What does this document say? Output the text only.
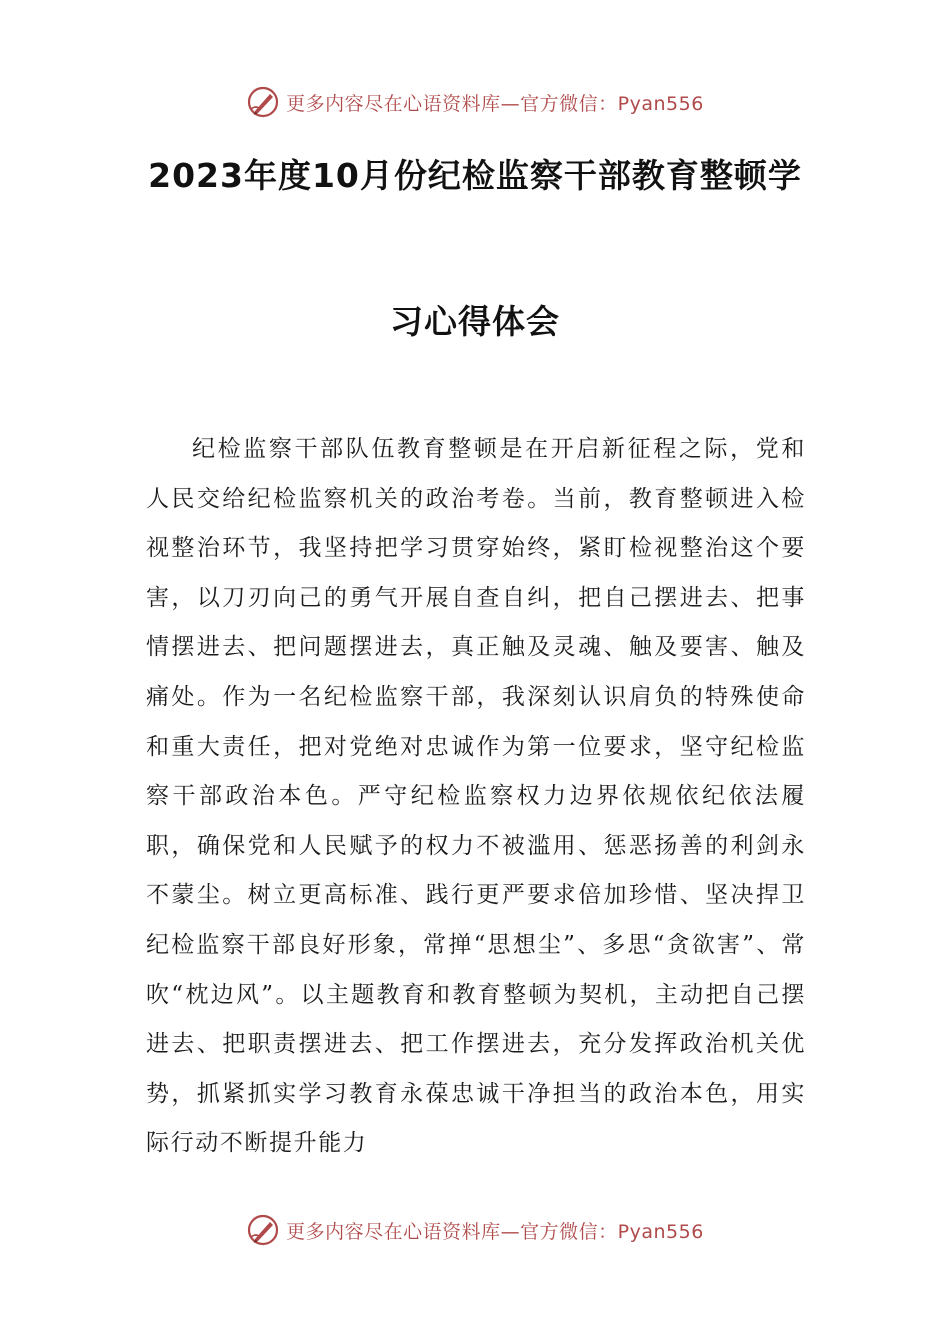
更多内容尽在心语资料库—官方微信：Pyan556
2023年度10月份纪检监察干部教育整顿学
习心得体会

纪检监察干部队伍教育整顿是在开启新征程之际，党和人民交给纪检监察机关的政治考卷。当前，教育整顿进入检视整治环节，我坚持把学习贯穿始终，紧盯检视整治这个要害，以刀刃向己的勇气开展自查自纠，把自己摆进去、把事情摆进去、把问题摆进去，真正触及灵魂、触及要害、触及痛处。作为一名纪检监察干部，我深刻认识肩负的特殊使命和重大责任，把对党绝对忠诚作为第一位要求，坚守纪检监察干部政治本色。严守纪检监察权力边界依规依纪依法履职，确保党和人民赋予的权力不被滥用、惩恶扬善的利剑永不蒙尘。树立更高标准、践行更严要求倍加珍惜、坚决捍卫纪检监察干部良好形象，常掸“思想尘”、多思“贪欲害”、常吹“枕边风”。以主题教育和教育整顿为契机，主动把自己摆进去、把职责摆进去、把工作摆进去，充分发挥政治机关优势，抓紧抓实学习教育永葆忠诚干净担当的政治本色，用实际行动不断提升能力

更多内容尽在心语资料库—官方微信：Pyan556
